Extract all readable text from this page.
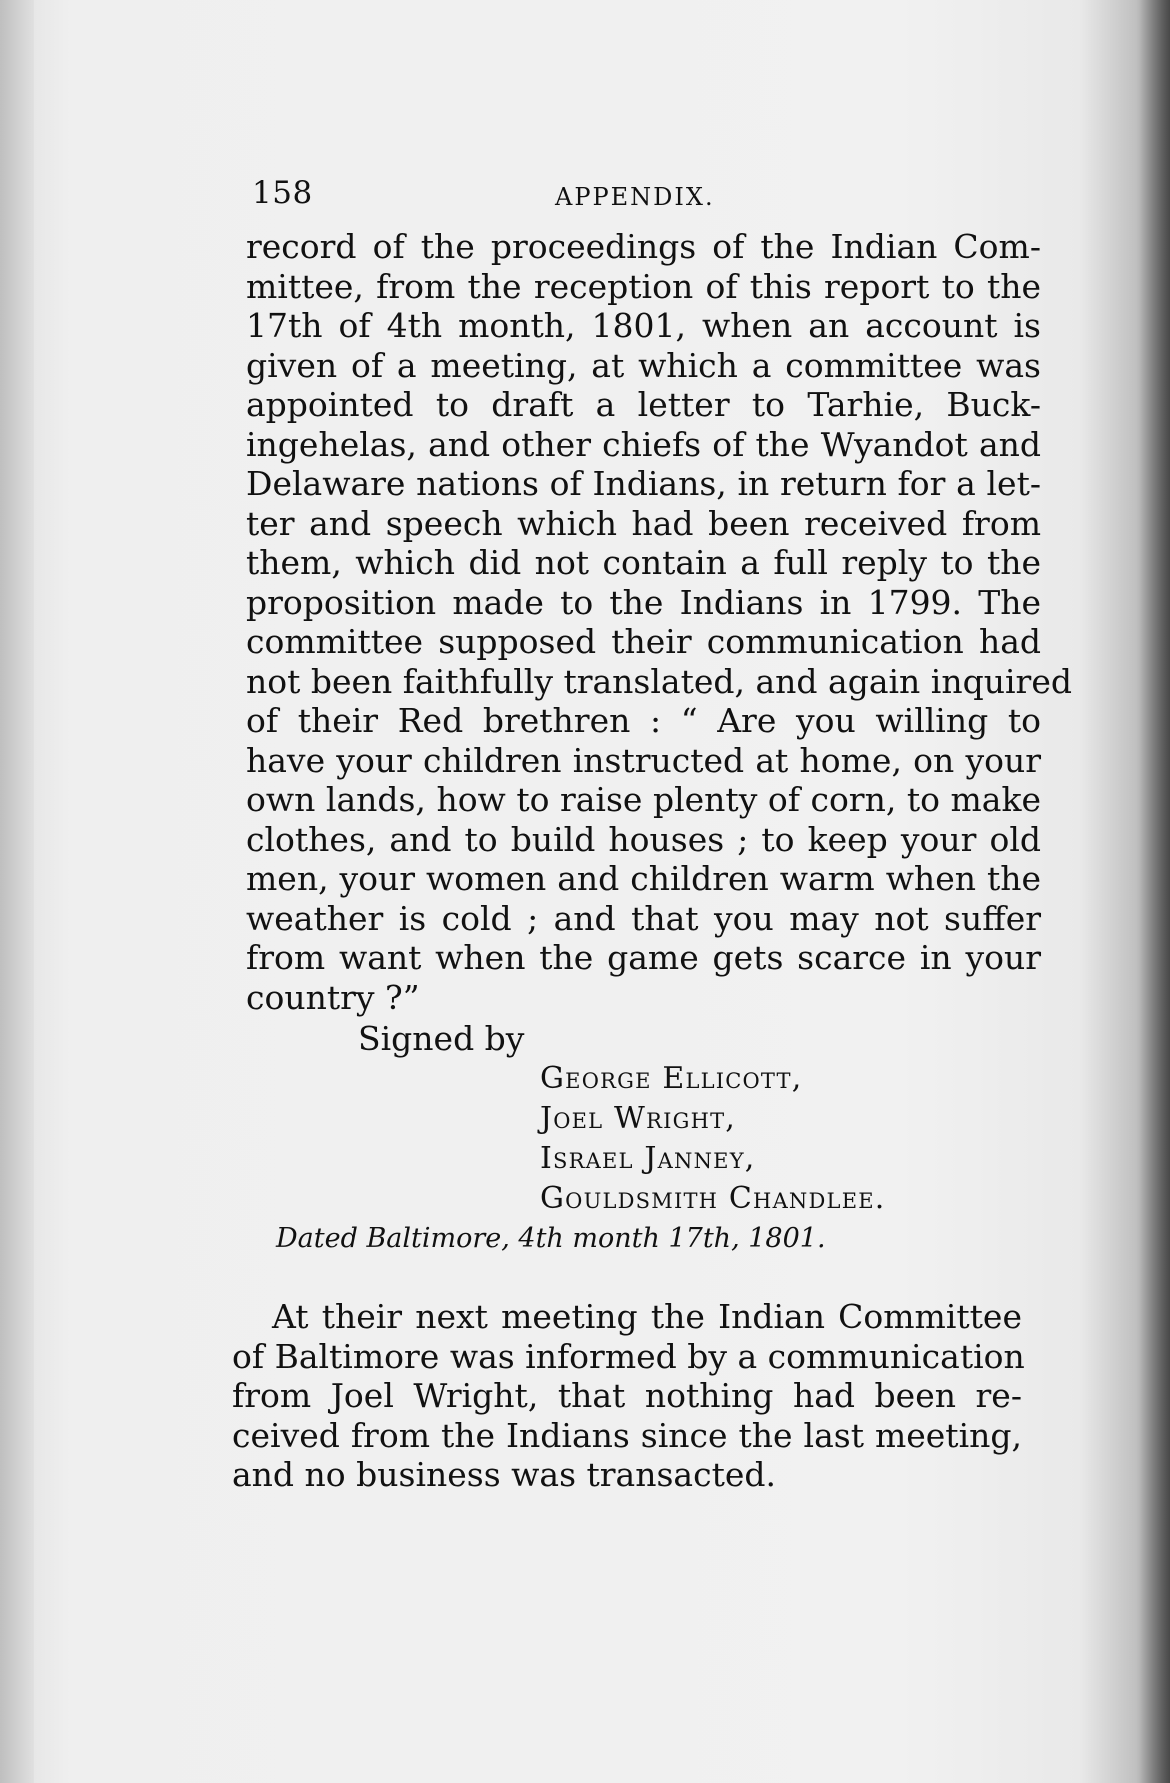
158	APPENDIX.
record of the proceedings of the Indian Com-
mittee, from the reception of this report to the
17th of 4th month, 1801, when an account is
given of a meeting, at which a committee was
appointed to draft a letter to Tarhie, Buck-
ingehelas, and other chiefs of the Wyandot and
Delaware nations of Indians, in return for a let-
ter and speech which had been received from
them, which did not contain a full reply to the
proposition made to the Indians in 1799. The
committee supposed their communication had
not been faithfully translated, and again inquired
of their Red brethren : “ Are you willing to
have your children instructed at home, on your
own lands, how to raise plenty of corn, to make
clothes, and to build houses ; to keep your old
men, your women and children warm when the
weather is cold ; and that you may not suffer
from want when the game gets scarce in your
country ?”
Signed by
George Ellicott,
Joel Wright,
Israel Janney,
Gouldsmith Chandlee.
Dated Baltimore, 4th month 17th, 1801.
At their next meeting the Indian Committee
of Baltimore was informed by a communication
from Joel Wright, that nothing had been re-
ceived from the Indians since the last meeting,
and no business was transacted.
